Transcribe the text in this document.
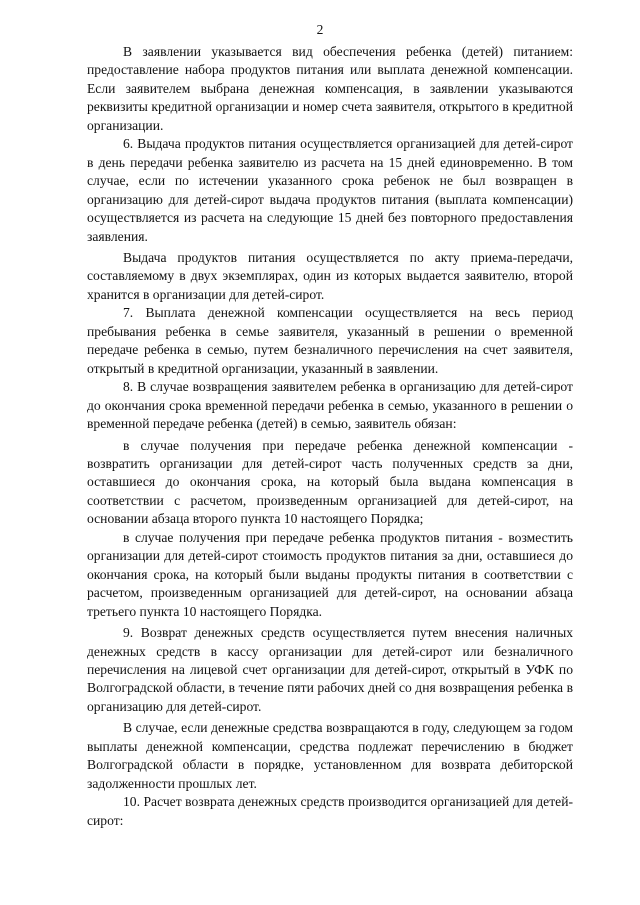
2

В заявлении указывается вид обеспечения ребенка (детей) питанием: предоставление набора продуктов питания или выплата денежной компенсации. Если заявителем выбрана денежная компенсация, в заявлении указываются реквизиты кредитной организации и номер счета заявителя, открытого в кредитной организации.

6. Выдача продуктов питания осуществляется организацией для детей-сирот в день передачи ребенка заявителю из расчета на 15 дней единовременно. В том случае, если по истечении указанного срока ребенок не был возвращен в организацию для детей-сирот выдача продуктов питания (выплата компенсации) осуществляется из расчета на следующие 15 дней без повторного предоставления заявления.

Выдача продуктов питания осуществляется по акту приема-передачи, составляемому в двух экземплярах, один из которых выдается заявителю, второй хранится в организации для детей-сирот.

7. Выплата денежной компенсации осуществляется на весь период пребывания ребенка в семье заявителя, указанный в решении о временной передаче ребенка в семью, путем безналичного перечисления на счет заявителя, открытый в кредитной организации, указанный в заявлении.

8. В случае возвращения заявителем ребенка в организацию для детей-сирот до окончания срока временной передачи ребенка в семью, указанного в решении о временной передаче ребенка (детей) в семью, заявитель обязан:

в случае получения при передаче ребенка денежной компенсации - возвратить организации для детей-сирот часть полученных средств за дни, оставшиеся до окончания срока, на который была выдана компенсация в соответствии с расчетом, произведенным организацией для детей-сирот, на основании абзаца второго пункта 10 настоящего Порядка;

в случае получения при передаче ребенка продуктов питания - возместить организации для детей-сирот стоимость продуктов питания за дни, оставшиеся до окончания срока, на который были выданы продукты питания в соответствии с расчетом, произведенным организацией для детей-сирот, на основании абзаца третьего пункта 10 настоящего Порядка.

9. Возврат денежных средств осуществляется путем внесения наличных денежных средств в кассу организации для детей-сирот или безналичного перечисления на лицевой счет организации для детей-сирот, открытый в УФК по Волгоградской области, в течение пяти рабочих дней со дня возвращения ребенка в организацию для детей-сирот.

В случае, если денежные средства возвращаются в году, следующем за годом выплаты денежной компенсации, средства подлежат перечислению в бюджет Волгоградской области в порядке, установленном для возврата дебиторской задолженности прошлых лет.

10. Расчет возврата денежных средств производится организацией для детей-сирот:
